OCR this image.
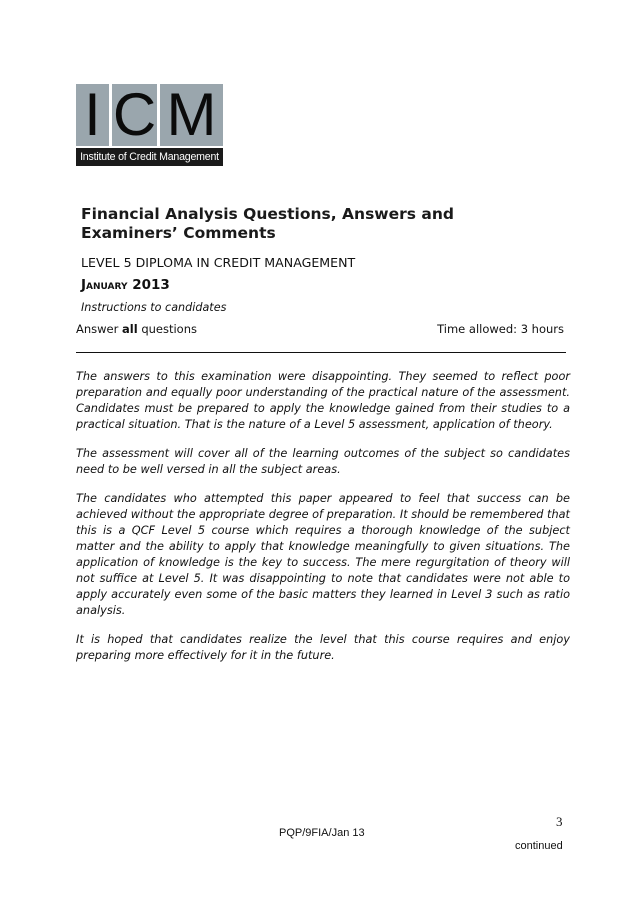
I C M
Institute of Credit Management
Financial Analysis Questions, Answers and Examiners’ Comments

LEVEL 5 DIPLOMA IN CREDIT MANAGEMENT

January 2013

Instructions to candidates

Answer all questions	Time allowed: 3 hours

The answers to this examination were disappointing. They seemed to reflect poor preparation and equally poor understanding of the practical nature of the assessment. Candidates must be prepared to apply the knowledge gained from their studies to a practical situation. That is the nature of a Level 5 assessment, application of theory.

The assessment will cover all of the learning outcomes of the subject so candidates need to be well versed in all the subject areas.

The candidates who attempted this paper appeared to feel that success can be achieved without the appropriate degree of preparation. It should be remembered that this is a QCF Level 5 course which requires a thorough knowledge of the subject matter and the ability to apply that knowledge meaningfully to given situations. The application of knowledge is the key to success. The mere regurgitation of theory will not suffice at Level 5. It was disappointing to note that candidates were not able to apply accurately even some of the basic matters they learned in Level 3 such as ratio analysis.

It is hoped that candidates realize the level that this course requires and enjoy preparing more effectively for it in the future.

3

PQP/9FIA/Jan 13

continued
